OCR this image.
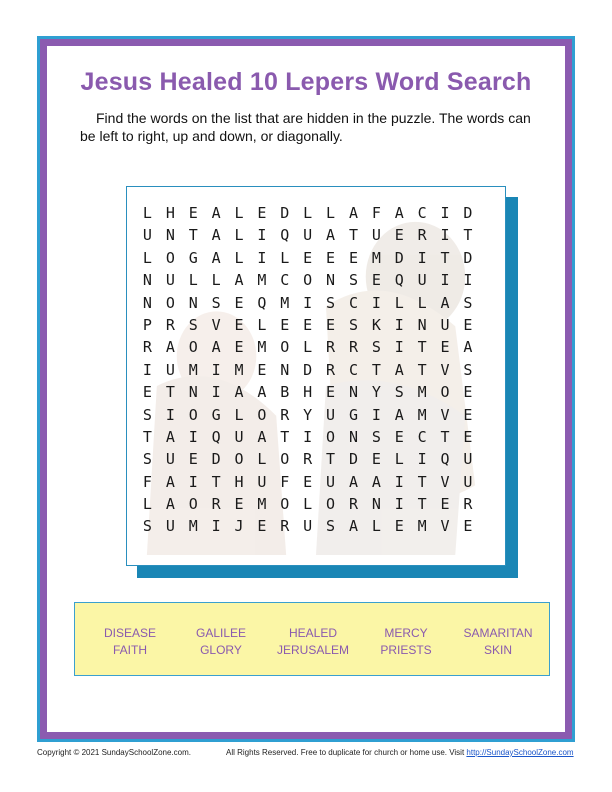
Jesus Healed 10 Lepers Word Search

Find the words on the list that are hidden in the puzzle. The words can be left to right, up and down, or diagonally.

L H E A L E D L L A F A C I D
U N T A L I Q U A T U E R I T
L O G A L I L E E E M D I T D
N U L L A M C O N S E Q U I I
N O N S E Q M I S C I L L A S
P R S V E L E E E S K I N U E
R A O A E M O L R R S I T E A
I U M I M E N D R C T A T V S
E T N I A A B H E N Y S M O E
S I O G L O R Y U G I A M V E
T A I Q U A T I O N S E C T E
S U E D O L O R T D E L I Q U
F A I T H U F E U A A I T V U
L A O R E M O L O R N I T E R
S U M I J E R U S A L E M V E
DISEASE
FAITH
GALILEE
GLORY
HEALED
JERUSALEM
MERCY
PRIESTS
SAMARITAN
SKIN
Copyright © 2021 SundaySchoolZone.com.	All Rights Reserved. Free to duplicate for church or home use. Visit http://SundaySchoolZone.com
